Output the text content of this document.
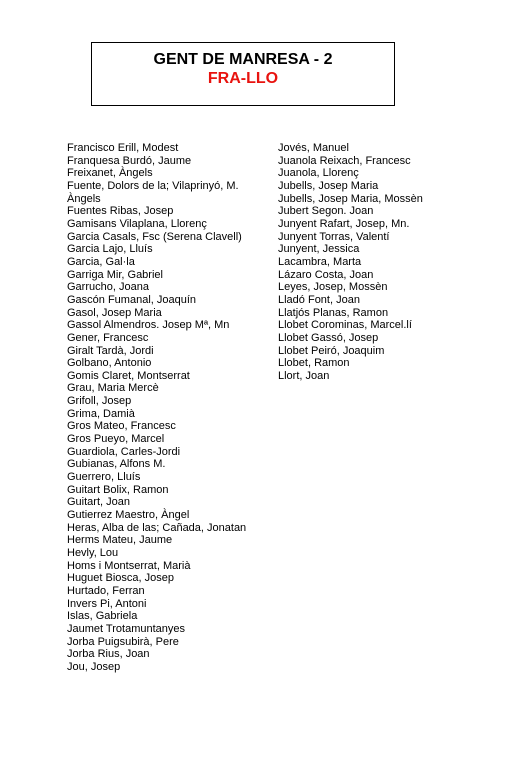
GENT DE MANRESA - 2
FRA-LLO
Francisco Erill, Modest
Franquesa Burdó, Jaume
Freixanet, Àngels
Fuente, Dolors de la; Vilaprinyó, M. Àngels
Fuentes Ribas, Josep
Gamisans Vilaplana, Llorenç
Garcia Casals, Fsc (Serena Clavell)
Garcia Lajo, Lluís
Garcia, Gal·la
Garriga Mir, Gabriel
Garrucho, Joana
Gascón Fumanal, Joaquín
Gasol, Josep Maria
Gassol Almendros. Josep Mª, Mn
Gener, Francesc
Giralt Tardà, Jordi
Golbano, Antonio
Gomis Claret, Montserrat
Grau, Maria Mercè
Grifoll, Josep
Grima, Damià
Gros Mateo, Francesc
Gros Pueyo, Marcel
Guardiola, Carles-Jordi
Gubianas, Alfons M.
Guerrero, Lluís
Guitart Bolix, Ramon
Guitart, Joan
Gutierrez Maestro, Àngel
Heras, Alba de las; Cañada, Jonatan
Herms Mateu, Jaume
Hevly, Lou
Homs i Montserrat, Marià
Huguet Biosca, Josep
Hurtado, Ferran
Invers Pi, Antoni
Islas, Gabriela
Jaumet Trotamuntanyes
Jorba Puigsubirà, Pere
Jorba Rius, Joan
Jou, Josep
Jovés, Manuel
Juanola Reixach, Francesc
Juanola, Llorenç
Jubells, Josep Maria
Jubells, Josep Maria, Mossèn
Jubert Segon. Joan
Junyent Rafart, Josep, Mn.
Junyent Torras, Valentí
Junyent, Jessica
Lacambra, Marta
Lázaro Costa, Joan
Leyes, Josep, Mossèn
Lladó Font, Joan
Llatjós Planas, Ramon
Llobet Corominas, Marcel.lí
Llobet Gassó, Josep
Llobet Peiró, Joaquim
Llobet, Ramon
Llort, Joan
